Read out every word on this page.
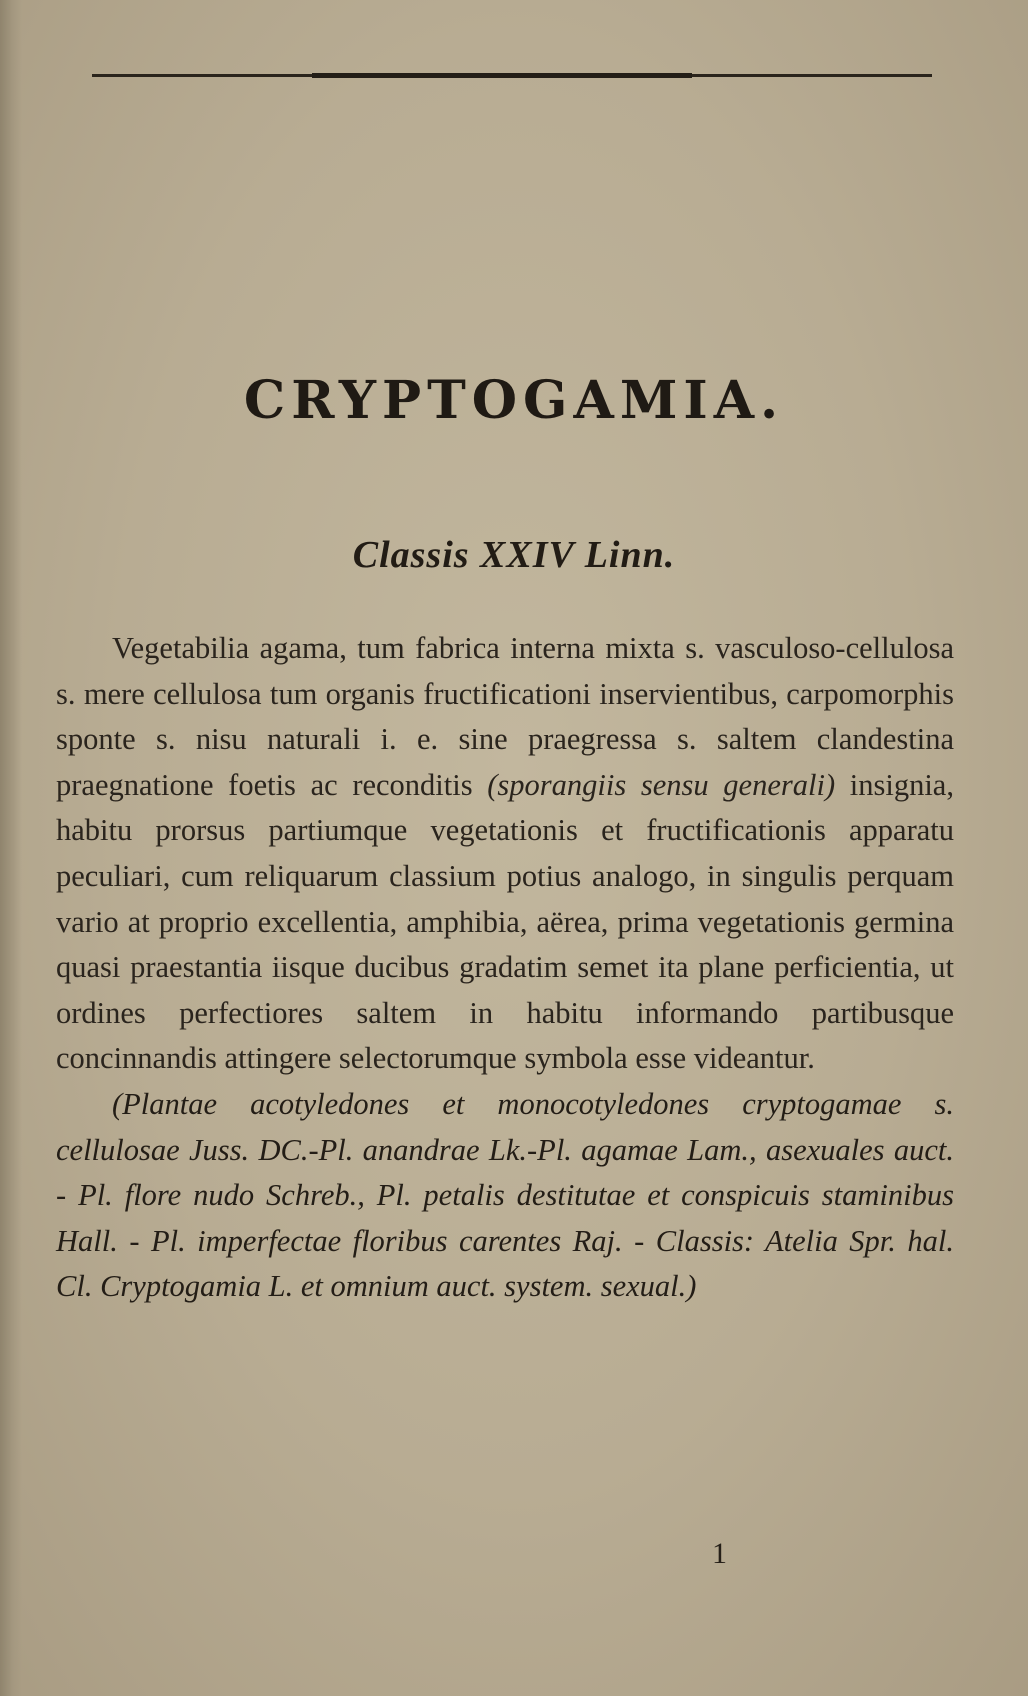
CRYPTOGAMIA.
Classis XXIV Linn.

Vegetabilia agama, tum fabrica interna mixta s. vasculoso-cellulosa s. mere cellulosa tum organis fructificationi inservientibus, carpomorphis sponte s. nisu naturali i. e. sine praegressa s. saltem clandestina praegnatione foetis ac reconditis (sporangiis sensu generali) insignia, habitu prorsus partiumque vegetationis et fructificationis apparatu peculiari, cum reliquarum classium potius analogo, in singulis perquam vario at proprio excellentia, amphibia, aërea, prima vegetationis germina quasi praestantia iisque ducibus gradatim semet ita plane perficientia, ut ordines perfectiores saltem in habitu informando partibusque concinnandis attingere selectorumque symbola esse videantur.

(Plantae acotyledones et monocotyledones cryptogamae s. cellulosae Juss. DC.-Pl. anandrae Lk.-Pl. agamae Lam., asexuales auct. - Pl. flore nudo Schreb., Pl. petalis destitutae et conspicuis staminibus Hall. - Pl. imperfectae floribus carentes Raj. - Classis: Atelia Spr. hal. Cl. Cryptogamia L. et omnium auct. system. sexual.)

1
